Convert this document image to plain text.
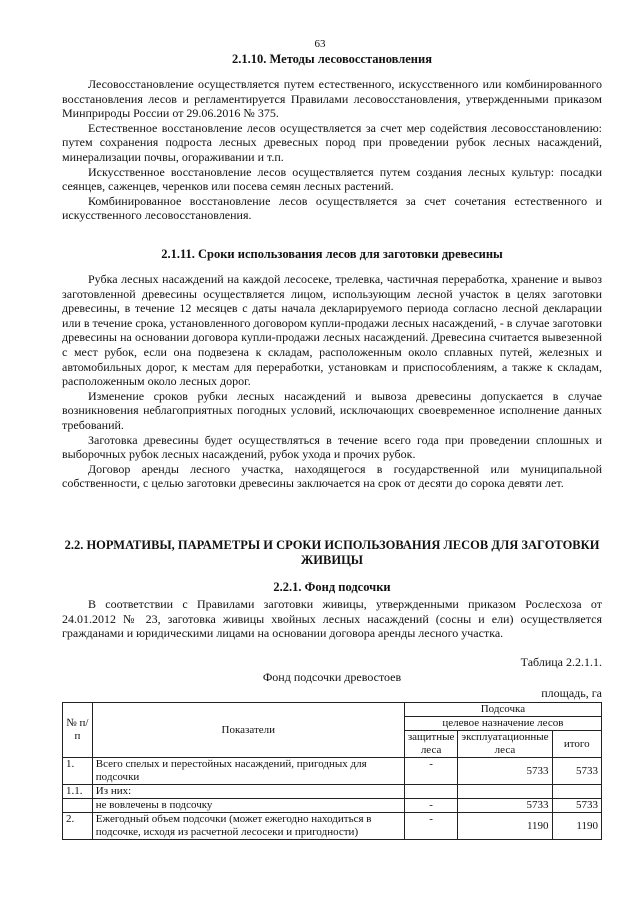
63
2.1.10. Методы лесовосстановления

Лесовосстановление осуществляется путем естественного, искусственного или комбинированного восстановления лесов и регламентируется Правилами лесовосстановления, утвержденными приказом Минприроды России от 29.06.2016 № 375.

Естественное восстановление лесов осуществляется за счет мер содействия лесовосстановлению: путем сохранения подроста лесных древесных пород при проведении рубок лесных насаждений, минерализации почвы, огораживании и т.п.

Искусственное восстановление лесов осуществляется путем создания лесных культур: посадки сеянцев, саженцев, черенков или посева семян лесных растений.

Комбинированное восстановление лесов осуществляется за счет сочетания естественного и искусственного лесовосстановления.

2.1.11. Сроки использования лесов для заготовки древесины

Рубка лесных насаждений на каждой лесосеке, трелевка, частичная переработка, хранение и вывоз заготовленной древесины осуществляется лицом, использующим лесной участок в целях заготовки древесины, в течение 12 месяцев с даты начала декларируемого периода согласно лесной декларации или в течение срока, установленного договором купли-продажи лесных насаждений, - в случае заготовки древесины на основании договора купли-продажи лесных насаждений. Древесина считается вывезенной с мест рубок, если она подвезена к складам, расположенным около сплавных путей, железных и автомобильных дорог, к местам для переработки, установкам и приспособлениям, а также к складам, расположенным около лесных дорог.

Изменение сроков рубки лесных насаждений и вывоза древесины допускается в случае возникновения неблагоприятных погодных условий, исключающих своевременное исполнение данных требований.

Заготовка древесины будет осуществляться в течение всего года при проведении сплошных и выборочных рубок лесных насаждений, рубок ухода и прочих рубок.

Договор аренды лесного участка, находящегося в государственной или муниципальной собственности, с целью заготовки древесины заключается на срок от десяти до сорока девяти лет.

2.2. НОРМАТИВЫ, ПАРАМЕТРЫ И СРОКИ ИСПОЛЬЗОВАНИЯ ЛЕСОВ ДЛЯ ЗАГОТОВКИ ЖИВИЦЫ
2.2.1. Фонд подсочки

В соответствии с Правилами заготовки живицы, утвержденными приказом Рослесхоза от 24.01.2012 № 23, заготовка живицы хвойных лесных насаждений (сосны и ели) осуществляется гражданами и юридическими лицами на основании договора аренды лесного участка.

Таблица 2.2.1.1.
Фонд подсочки древостоев
площадь, га
№ п/п	Показатели	Подсочка		
		целевое назначение лесов		
		защитные леса	эксплуатационные леса	итого
1.	Всего спелых и перестойных насаждений, пригодных для подсочки	-	5733	5733
1.1.	Из них:			
	не вовлечены в подсочку	-	5733	5733
2.	Ежегодный объем подсочки (может ежегодно находиться в подсочке, исходя из расчетной лесосеки и пригодности)	-	1190	1190
